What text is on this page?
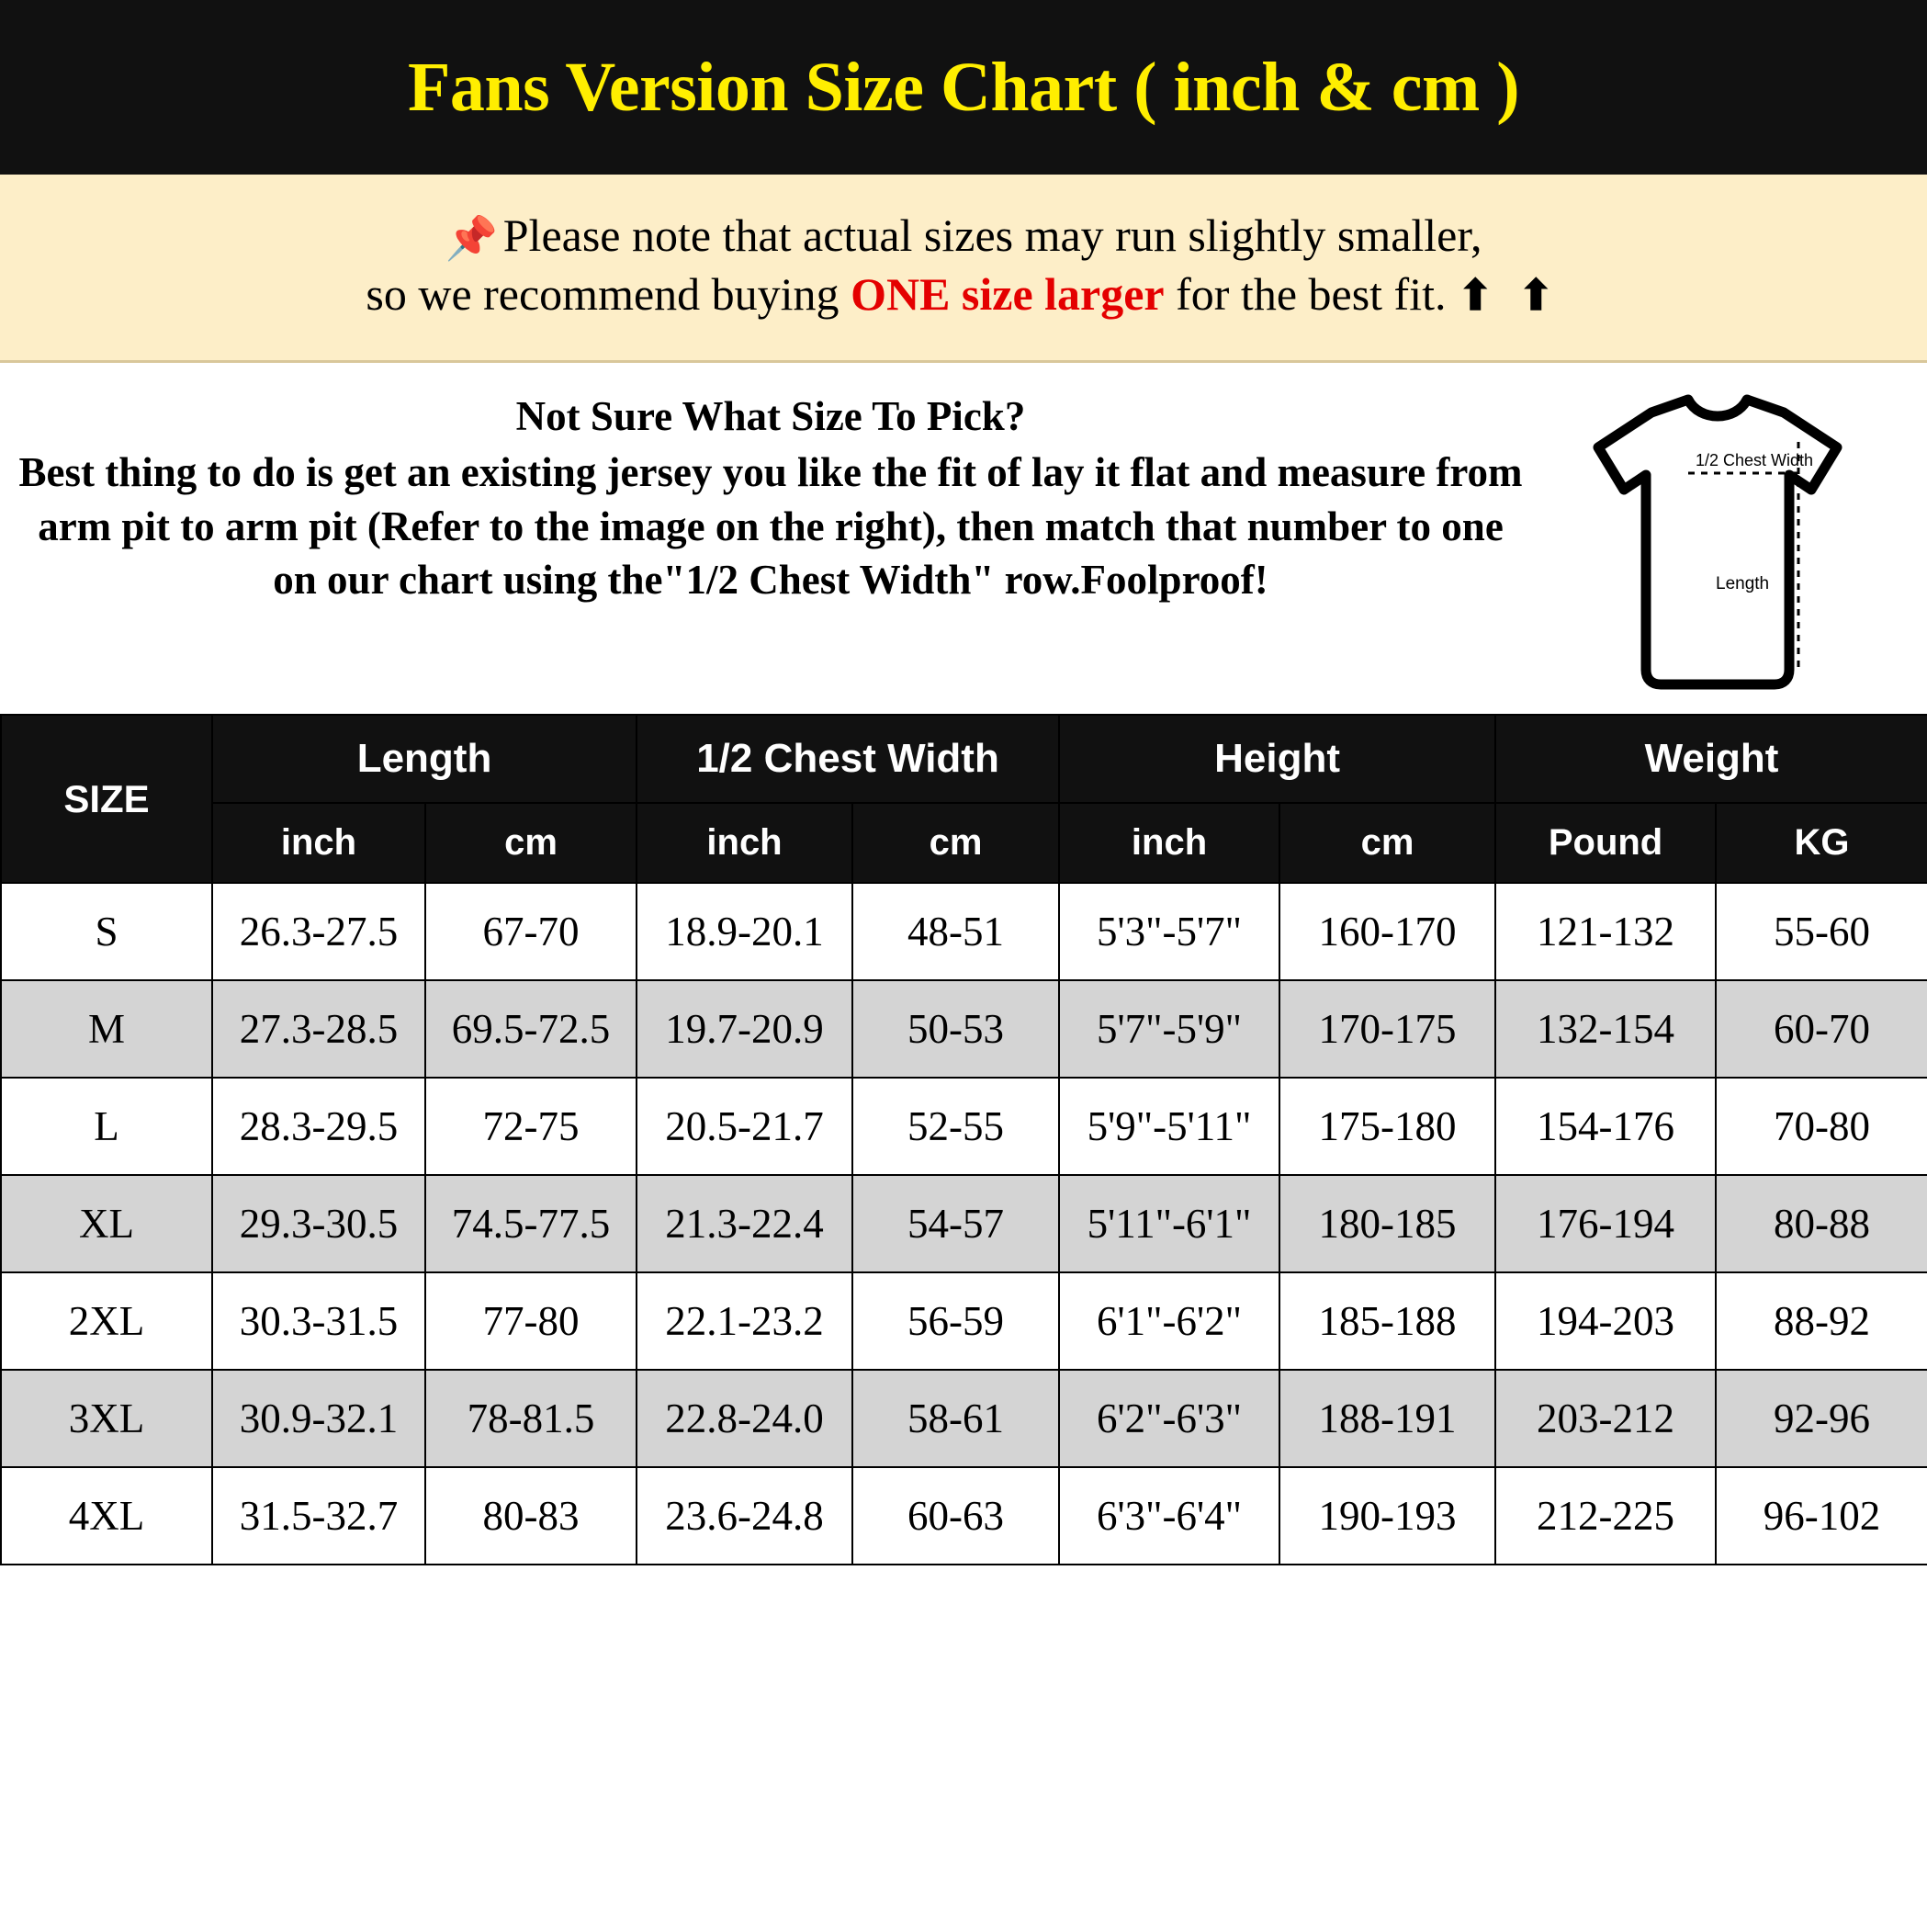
Fans Version Size Chart ( inch & cm )
📌 Please note that actual sizes may run slightly smaller,
so we recommend buying ONE size larger for the best fit. ⬆ ⬆
Not Sure What Size To Pick?
Best thing to do is get an existing jersey you like the fit of lay it flat and measure from arm pit to arm pit (Refer to the image on the right), then match that number to one on our chart using the"1/2 Chest Width" row.Foolproof!
1/2 Chest Width
Length
SIZE	Length		1/2 Chest Width		Height		Weight	
	inch	cm	inch	cm	inch	cm	Pound	KG
S	26.3-27.5	67-70	18.9-20.1	48-51	5'3"-5'7"	160-170	121-132	55-60
M	27.3-28.5	69.5-72.5	19.7-20.9	50-53	5'7"-5'9"	170-175	132-154	60-70
L	28.3-29.5	72-75	20.5-21.7	52-55	5'9"-5'11"	175-180	154-176	70-80
XL	29.3-30.5	74.5-77.5	21.3-22.4	54-57	5'11"-6'1"	180-185	176-194	80-88
2XL	30.3-31.5	77-80	22.1-23.2	56-59	6'1"-6'2"	185-188	194-203	88-92
3XL	30.9-32.1	78-81.5	22.8-24.0	58-61	6'2"-6'3"	188-191	203-212	92-96
4XL	31.5-32.7	80-83	23.6-24.8	60-63	6'3"-6'4"	190-193	212-225	96-102
